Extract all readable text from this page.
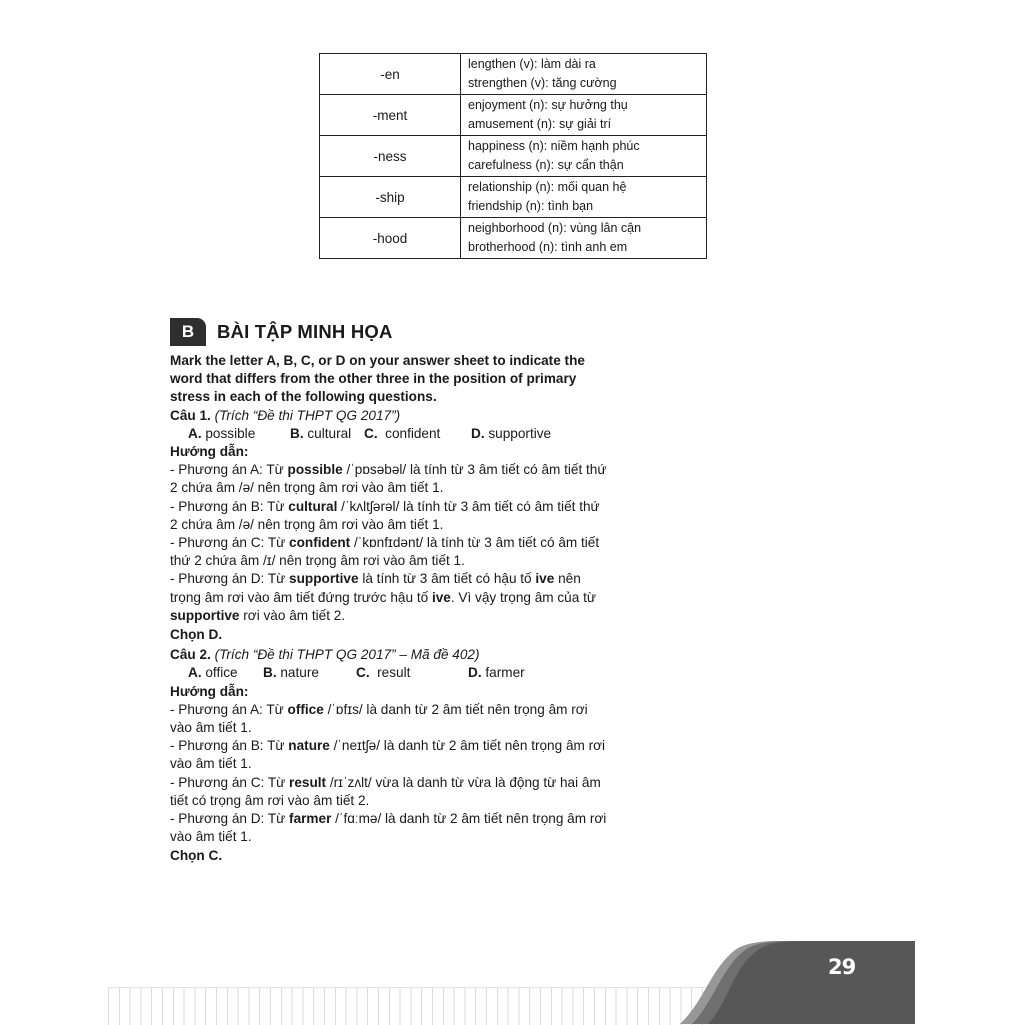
-en	lengthen (v): làm dài ra
strengthen (v): tăng cường

-ment	enjoyment (n): sự hưởng thụ
amusement (n): sự giải trí

-ness	happiness (n): niềm hạnh phúc
carefulness (n): sự cẩn thận

-ship	relationship (n): mối quan hệ
friendship (n): tình bạn

-hood	neighborhood (n): vùng lân cận
brotherhood (n): tình anh em
B	BÀI TẬP MINH HỌA
Mark the letter A, B, C, or D on your answer sheet to indicate the word that differs from the other three in the position of primary stress in each of the following questions.
Câu 1. (Trích “Đề thi THPT QG 2017”)
A. possible	B. cultural C. confident	D. supportive
Hướng dẫn:
- Phương án A: Từ possible /ˈpɒsəbəl/ là tính từ 3 âm tiết có âm tiết thứ 2 chứa âm /ə/ nên trọng âm rơi vào âm tiết 1.
- Phương án B: Từ cultural /ˈkʌltʃərəl/ là tính từ 3 âm tiết có âm tiết thứ 2 chứa âm /ə/ nên trọng âm rơi vào âm tiết 1.
- Phương án C: Từ confident /ˈkɒnfɪdənt/ là tính từ 3 âm tiết có âm tiết thứ 2 chứa âm /ɪ/ nên trọng âm rơi vào âm tiết 1.
- Phương án D: Từ supportive là tính từ 3 âm tiết có hậu tố ive nên trọng âm rơi vào âm tiết đứng trước hậu tố ive. Vì vậy trọng âm của từ supportive rơi vào âm tiết 2.
Chọn D.
Câu 2. (Trích “Đề thi THPT QG 2017” – Mã đề 402)
A. office	B. nature	C. result	D. farmer
Hướng dẫn:
- Phương án A: Từ office /ˈɒfɪs/ là danh từ 2 âm tiết nên trọng âm rơi vào âm tiết 1.
- Phương án B: Từ nature /ˈneɪtʃə/ là danh từ 2 âm tiết nên trọng âm rơi vào âm tiết 1.
- Phương án C: Từ result /rɪˈzʌlt/ vừa là danh từ vừa là động từ hai âm tiết có trọng âm rơi vào âm tiết 2.
- Phương án D: Từ farmer /ˈfɑːmə/ là danh từ 2 âm tiết nên trọng âm rơi vào âm tiết 1.
Chọn C.
29
